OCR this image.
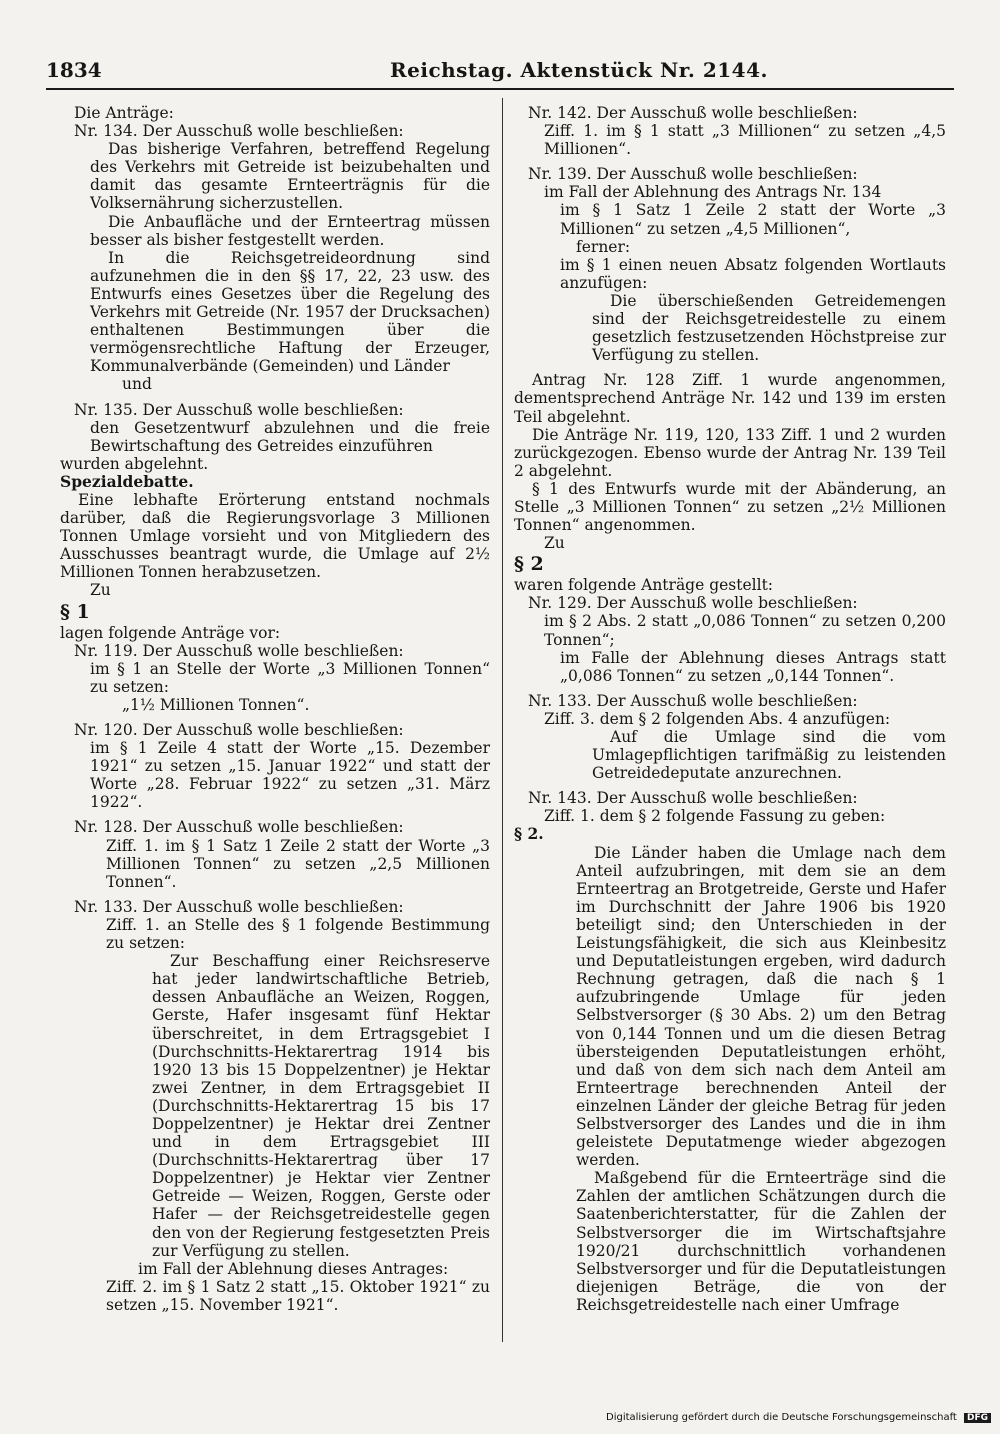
1834	Reichstag. Aktenstück Nr. 2144.

Die Anträge:

Nr. 134. Der Ausschuß wolle beschließen:

Das bisherige Verfahren, betreffend Regelung des Verkehrs mit Getreide ist beizubehalten und damit das gesamte Ernteerträgnis für die Volksernährung sicherzustellen.

Die Anbaufläche und der Ernteertrag müssen besser als bisher festgestellt werden.

In die Reichsgetreideordnung sind aufzunehmen die in den §§ 17, 22, 23 usw. des Entwurfs eines Gesetzes über die Regelung des Verkehrs mit Getreide (Nr. 1957 der Drucksachen) enthaltenen Bestimmungen über die vermögensrechtliche Haftung der Erzeuger, Kommunalverbände (Gemeinden) und Länder

und

Nr. 135. Der Ausschuß wolle beschließen:

den Gesetzentwurf abzulehnen und die freie Bewirtschaftung des Getreides einzuführen

wurden abgelehnt.

Spezialdebatte.

Eine lebhafte Erörterung entstand nochmals darüber, daß die Regierungsvorlage 3 Millionen Tonnen Umlage vorsieht und von Mitgliedern des Ausschusses beantragt wurde, die Umlage auf 2½ Millionen Tonnen herabzusetzen.

Zu

§ 1

lagen folgende Anträge vor:

Nr. 119. Der Ausschuß wolle beschließen:

im § 1 an Stelle der Worte „3 Millionen Tonnen“ zu setzen:

„1½ Millionen Tonnen“.

Nr. 120. Der Ausschuß wolle beschließen:

im § 1 Zeile 4 statt der Worte „15. Dezember 1921“ zu setzen „15. Januar 1922“ und statt der Worte „28. Februar 1922“ zu setzen „31. März 1922“.

Nr. 128. Der Ausschuß wolle beschließen:

Ziff. 1. im § 1 Satz 1 Zeile 2 statt der Worte „3 Millionen Tonnen“ zu setzen „2,5 Millionen Tonnen“.

Nr. 133. Der Ausschuß wolle beschließen:

Ziff. 1. an Stelle des § 1 folgende Bestimmung zu setzen:

Zur Beschaffung einer Reichsreserve hat jeder landwirtschaftliche Betrieb, dessen Anbaufläche an Weizen, Roggen, Gerste, Hafer insgesamt fünf Hektar überschreitet, in dem Ertragsgebiet I (Durchschnitts-Hektarertrag 1914 bis 1920 13 bis 15 Doppelzentner) je Hektar zwei Zentner, in dem Ertragsgebiet II (Durchschnitts-Hektarertrag 15 bis 17 Doppelzentner) je Hektar drei Zentner und in dem Ertragsgebiet III (Durchschnitts-Hektarertrag über 17 Doppelzentner) je Hektar vier Zentner Getreide — Weizen, Roggen, Gerste oder Hafer — der Reichsgetreidestelle gegen den von der Regierung festgesetzten Preis zur Verfügung zu stellen.

im Fall der Ablehnung dieses Antrages:

Ziff. 2. im § 1 Satz 2 statt „15. Oktober 1921“ zu setzen „15. November 1921“.

Nr. 142. Der Ausschuß wolle beschließen:

Ziff. 1. im § 1 statt „3 Millionen“ zu setzen „4,5 Millionen“.

Nr. 139. Der Ausschuß wolle beschließen:

im Fall der Ablehnung des Antrags Nr. 134

im § 1 Satz 1 Zeile 2 statt der Worte „3 Millionen“ zu setzen „4,5 Millionen“,

ferner:

im § 1 einen neuen Absatz folgenden Wortlauts anzufügen:

Die überschießenden Getreidemengen sind der Reichsgetreidestelle zu einem gesetzlich festzusetzenden Höchstpreise zur Verfügung zu stellen.

Antrag Nr. 128 Ziff. 1 wurde angenommen, dementsprechend Anträge Nr. 142 und 139 im ersten Teil abgelehnt.

Die Anträge Nr. 119, 120, 133 Ziff. 1 und 2 wurden zurückgezogen. Ebenso wurde der Antrag Nr. 139 Teil 2 abgelehnt.

§ 1 des Entwurfs wurde mit der Abänderung, an Stelle „3 Millionen Tonnen“ zu setzen „2½ Millionen Tonnen“ angenommen.

Zu

§ 2

waren folgende Anträge gestellt:

Nr. 129. Der Ausschuß wolle beschließen:

im § 2 Abs. 2 statt „0,086 Tonnen“ zu setzen 0,200 Tonnen“;

im Falle der Ablehnung dieses Antrags statt „0,086 Tonnen“ zu setzen „0,144 Tonnen“.

Nr. 133. Der Ausschuß wolle beschließen:

Ziff. 3. dem § 2 folgenden Abs. 4 anzufügen:

Auf die Umlage sind die vom Umlagepflichtigen tarifmäßig zu leistenden Getreidedeputate anzurechnen.

Nr. 143. Der Ausschuß wolle beschließen:

Ziff. 1. dem § 2 folgende Fassung zu geben:

§ 2.

Die Länder haben die Umlage nach dem Anteil aufzubringen, mit dem sie an dem Ernteertrag an Brotgetreide, Gerste und Hafer im Durchschnitt der Jahre 1906 bis 1920 beteiligt sind; den Unterschieden in der Leistungsfähigkeit, die sich aus Kleinbesitz und Deputatleistungen ergeben, wird dadurch Rechnung getragen, daß die nach § 1 aufzubringende Umlage für jeden Selbstversorger (§ 30 Abs. 2) um den Betrag von 0,144 Tonnen und um die diesen Betrag übersteigenden Deputatleistungen erhöht, und daß von dem sich nach dem Anteil am Ernteertrage berechnenden Anteil der einzelnen Länder der gleiche Betrag für jeden Selbstversorger des Landes und die in ihm geleistete Deputatmenge wieder abgezogen werden.

Maßgebend für die Ernteerträge sind die Zahlen der amtlichen Schätzungen durch die Saatenberichterstatter, für die Zahlen der Selbstversorger die im Wirtschaftsjahre 1920/21 durchschnittlich vorhandenen Selbstversorger und für die Deputatleistungen diejenigen Beträge, die von der Reichsgetreidestelle nach einer Umfrage

Digitalisierung gefördert durch die Deutsche Forschungsgemeinschaft DFG
